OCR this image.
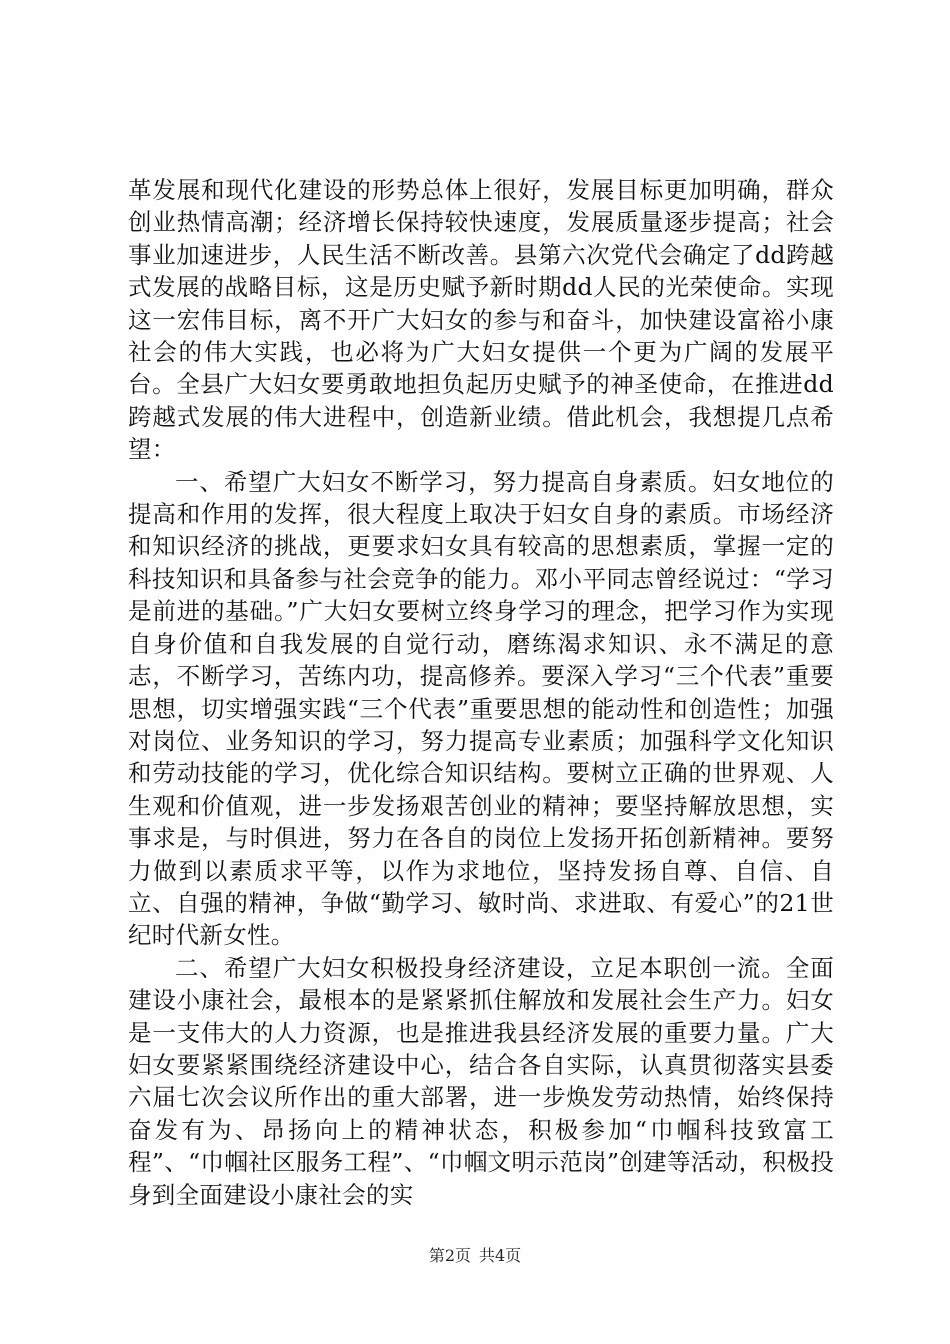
革发展和现代化建设的形势总体上很好，发展目标更加明确，群众创业热情高潮；经济增长保持较快速度，发展质量逐步提高；社会事业加速进步，人民生活不断改善。县第六次党代会确定了dd跨越式发展的战略目标，这是历史赋予新时期dd人民的光荣使命。实现这一宏伟目标，离不开广大妇女的参与和奋斗，加快建设富裕小康社会的伟大实践，也必将为广大妇女提供一个更为广阔的发展平台。全县广大妇女要勇敢地担负起历史赋予的神圣使命，在推进dd跨越式发展的伟大进程中，创造新业绩。借此机会，我想提几点希望：

一、希望广大妇女不断学习，努力提高自身素质。妇女地位的提高和作用的发挥，很大程度上取决于妇女自身的素质。市场经济和知识经济的挑战，更要求妇女具有较高的思想素质，掌握一定的科技知识和具备参与社会竞争的能力。邓小平同志曾经说过：“学习是前进的基础。”广大妇女要树立终身学习的理念，把学习作为实现自身价值和自我发展的自觉行动，磨练渴求知识、永不满足的意志，不断学习，苦练内功，提高修养。要深入学习“三个代表”重要思想，切实增强实践“三个代表”重要思想的能动性和创造性；加强对岗位、业务知识的学习，努力提高专业素质；加强科学文化知识和劳动技能的学习，优化综合知识结构。要树立正确的世界观、人生观和价值观，进一步发扬艰苦创业的精神；要坚持解放思想，实事求是，与时俱进，努力在各自的岗位上发扬开拓创新精神。要努力做到以素质求平等，以作为求地位，坚持发扬自尊、自信、自立、自强的精神，争做“勤学习、敏时尚、求进取、有爱心”的21世纪时代新女性。

二、希望广大妇女积极投身经济建设，立足本职创一流。全面建设小康社会，最根本的是紧紧抓住解放和发展社会生产力。妇女是一支伟大的人力资源，也是推进我县经济发展的重要力量。广大妇女要紧紧围绕经济建设中心，结合各自实际，认真贯彻落实县委六届七次会议所作出的重大部署，进一步焕发劳动热情，始终保持奋发有为、昂扬向上的精神状态，积极参加“巾帼科技致富工程”、“巾帼社区服务工程”、“巾帼文明示范岗”创建等活动，积极投身到全面建设小康社会的实

第2页 共4页
